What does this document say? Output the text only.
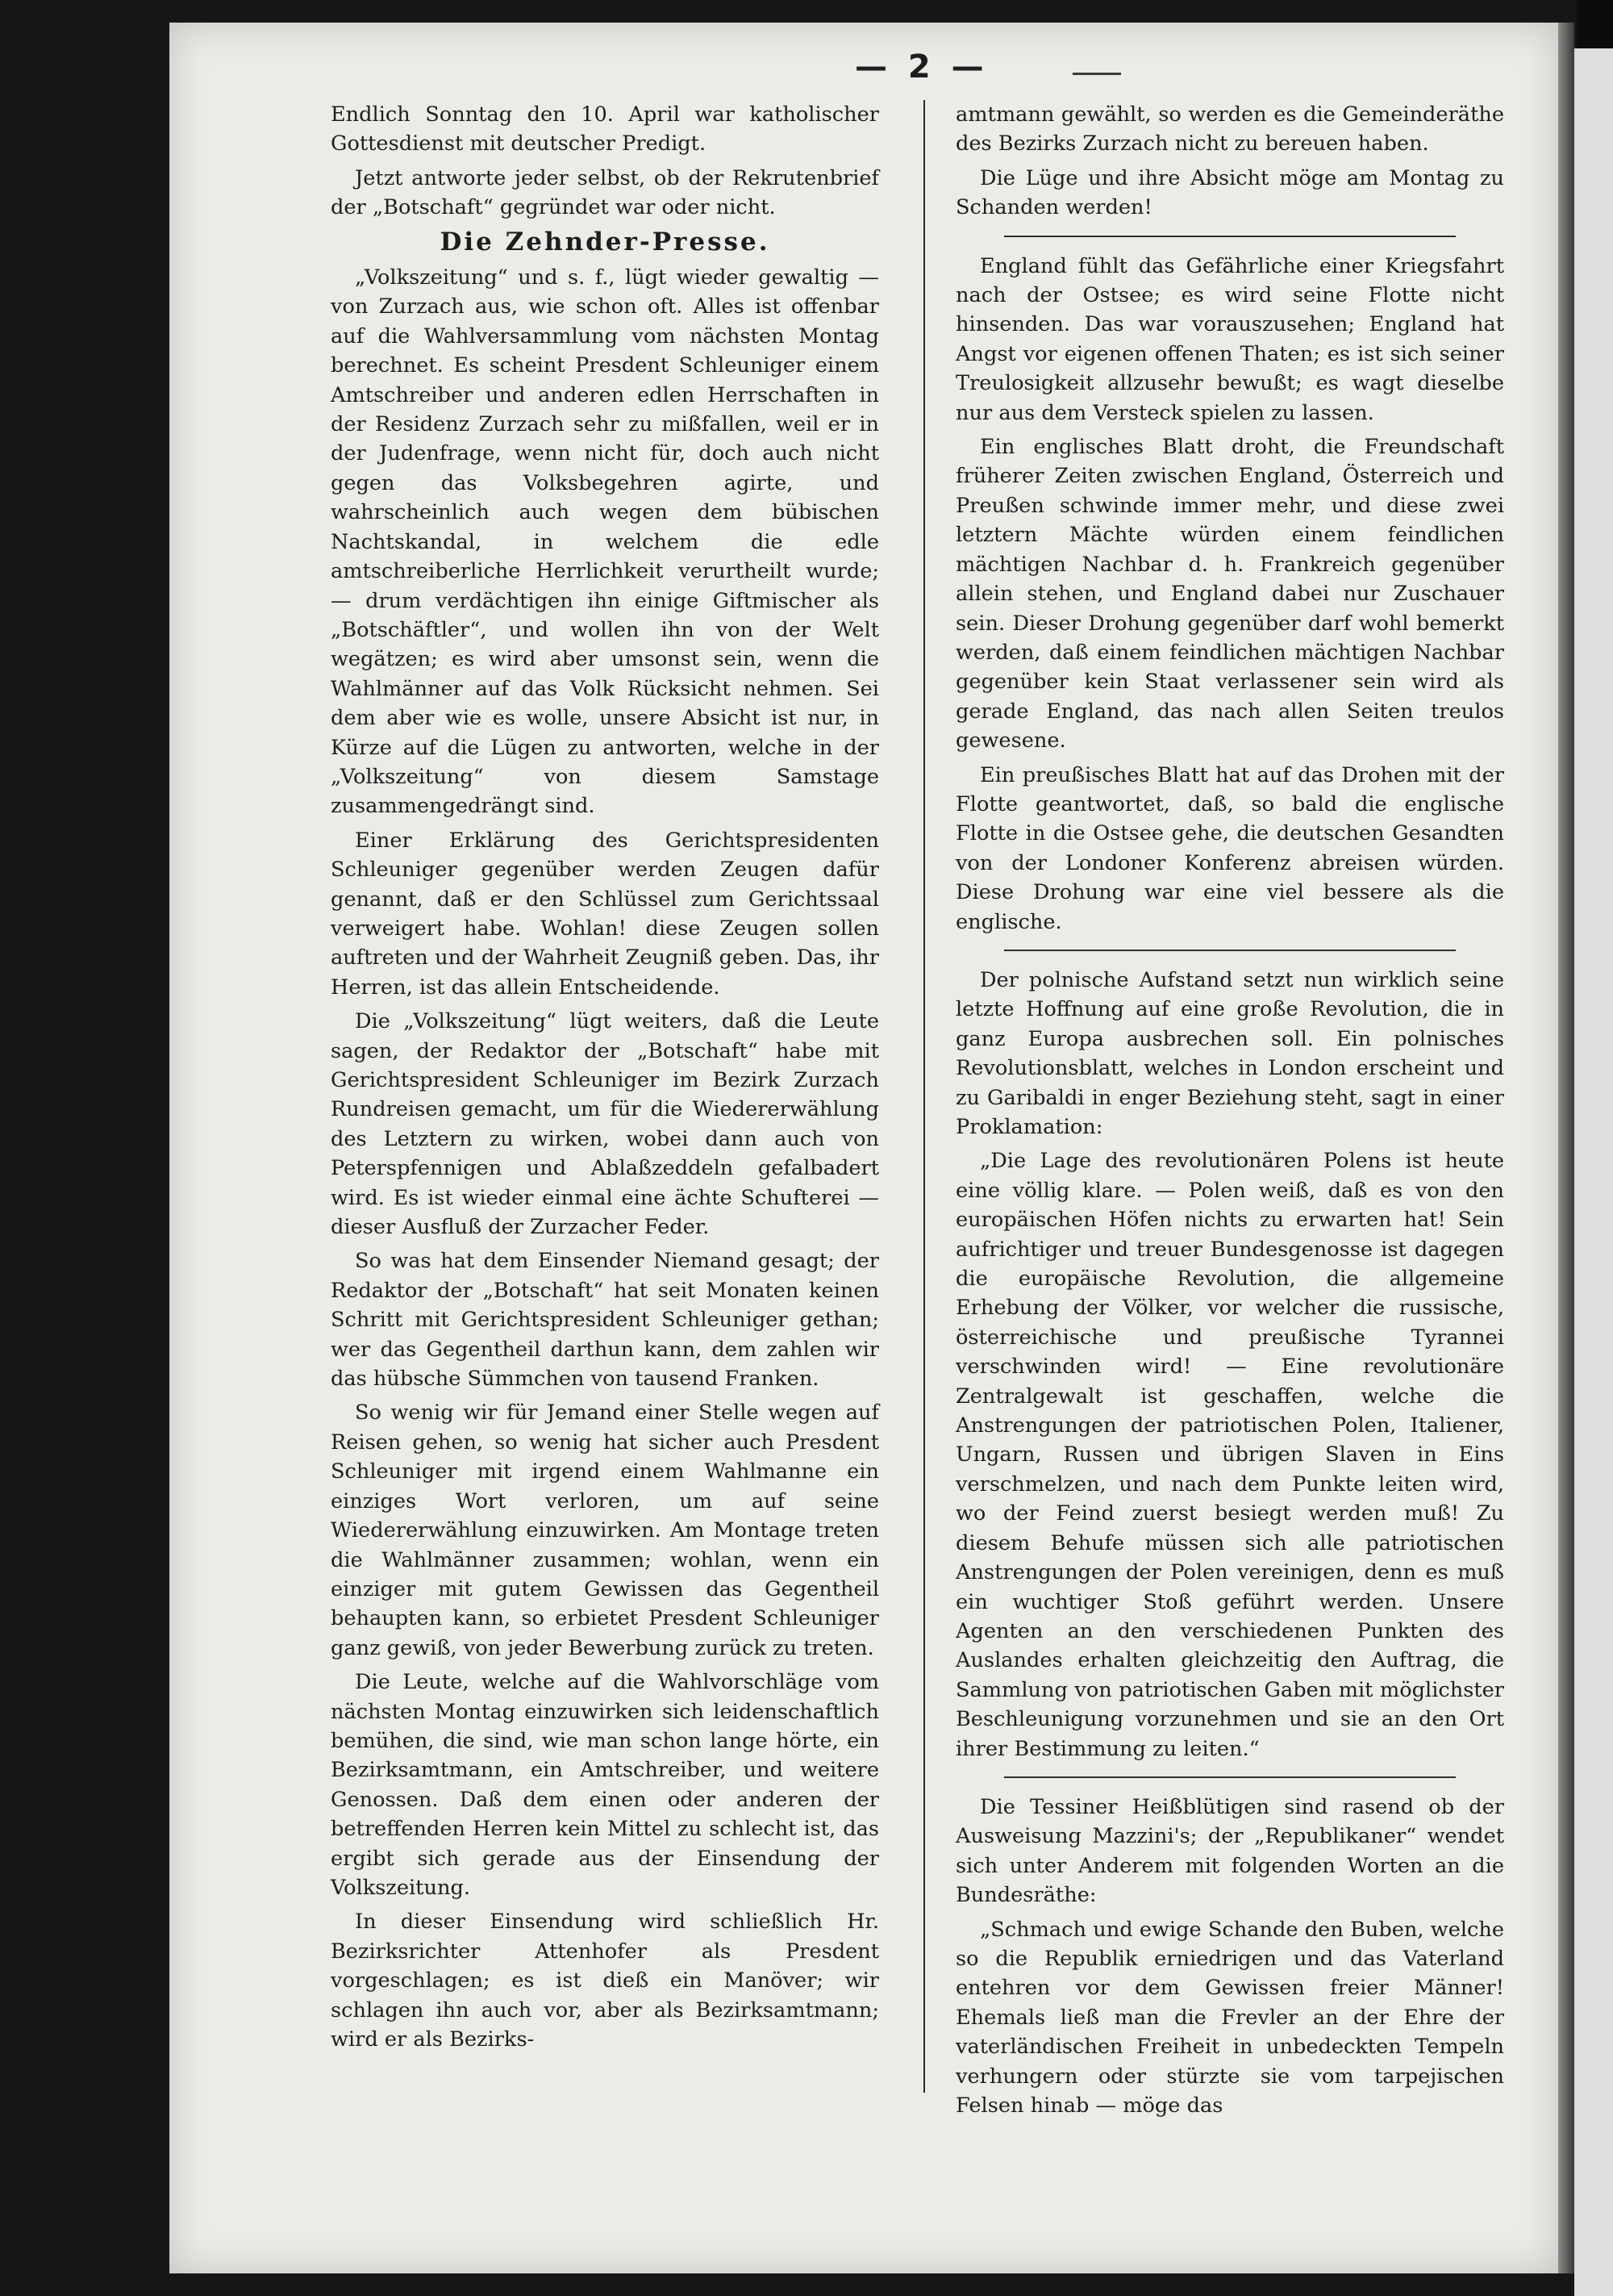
— 2 —

Endlich Sonntag den 10. April war katholischer Gottesdienst mit deutscher Predigt.

Jetzt antworte jeder selbst, ob der Rekrutenbrief der „Botschaft“ gegründet war oder nicht.

Die Zehnder-Presse.

„Volkszeitung“ und s. f., lügt wieder gewaltig — von Zurzach aus, wie schon oft. Alles ist offenbar auf die Wahlversammlung vom nächsten Montag berechnet. Es scheint Presdent Schleuniger einem Amtschreiber und anderen edlen Herrschaften in der Residenz Zurzach sehr zu mißfallen, weil er in der Judenfrage, wenn nicht für, doch auch nicht gegen das Volksbegehren agirte, und wahrscheinlich auch wegen dem bübischen Nachtskandal, in welchem die edle amtschreiberliche Herrlichkeit verurtheilt wurde; — drum verdächtigen ihn einige Giftmischer als „Botschäftler“, und wollen ihn von der Welt wegätzen; es wird aber umsonst sein, wenn die Wahlmänner auf das Volk Rücksicht nehmen. Sei dem aber wie es wolle, unsere Absicht ist nur, in Kürze auf die Lügen zu antworten, welche in der „Volkszeitung“ von diesem Samstage zusammengedrängt sind.

Einer Erklärung des Gerichtspresidenten Schleuniger gegenüber werden Zeugen dafür genannt, daß er den Schlüssel zum Gerichtssaal verweigert habe. Wohlan! diese Zeugen sollen auftreten und der Wahrheit Zeugniß geben. Das, ihr Herren, ist das allein Entscheidende.

Die „Volkszeitung“ lügt weiters, daß die Leute sagen, der Redaktor der „Botschaft“ habe mit Gerichtspresident Schleuniger im Bezirk Zurzach Rundreisen gemacht, um für die Wiedererwählung des Letztern zu wirken, wobei dann auch von Peterspfennigen und Ablaßzeddeln gefalbadert wird. Es ist wieder einmal eine ächte Schufterei — dieser Ausfluß der Zurzacher Feder.

So was hat dem Einsender Niemand gesagt; der Redaktor der „Botschaft“ hat seit Monaten keinen Schritt mit Gerichtspresident Schleuniger gethan; wer das Gegentheil darthun kann, dem zahlen wir das hübsche Sümmchen von tausend Franken.

So wenig wir für Jemand einer Stelle wegen auf Reisen gehen, so wenig hat sicher auch Presdent Schleuniger mit irgend einem Wahlmanne ein einziges Wort verloren, um auf seine Wiedererwählung einzuwirken. Am Montage treten die Wahlmänner zusammen; wohlan, wenn ein einziger mit gutem Gewissen das Gegentheil behaupten kann, so erbietet Presdent Schleuniger ganz gewiß, von jeder Bewerbung zurück zu treten.

Die Leute, welche auf die Wahlvorschläge vom nächsten Montag einzuwirken sich leidenschaftlich bemühen, die sind, wie man schon lange hörte, ein Bezirksamtmann, ein Amtschreiber, und weitere Genossen. Daß dem einen oder anderen der betreffenden Herren kein Mittel zu schlecht ist, das ergibt sich gerade aus der Einsendung der Volkszeitung.

In dieser Einsendung wird schließlich Hr. Bezirksrichter Attenhofer als Presdent vorgeschlagen; es ist dieß ein Manöver; wir schlagen ihn auch vor, aber als Bezirksamtmann; wird er als Bezirks-

amtmann gewählt, so werden es die Gemeinderäthe des Bezirks Zurzach nicht zu bereuen haben.

Die Lüge und ihre Absicht möge am Montag zu Schanden werden!

England fühlt das Gefährliche einer Kriegsfahrt nach der Ostsee; es wird seine Flotte nicht hinsenden. Das war vorauszusehen; England hat Angst vor eigenen offenen Thaten; es ist sich seiner Treulosigkeit allzusehr bewußt; es wagt dieselbe nur aus dem Versteck spielen zu lassen.

Ein englisches Blatt droht, die Freundschaft früherer Zeiten zwischen England, Österreich und Preußen schwinde immer mehr, und diese zwei letztern Mächte würden einem feindlichen mächtigen Nachbar d. h. Frankreich gegenüber allein stehen, und England dabei nur Zuschauer sein. Dieser Drohung gegenüber darf wohl bemerkt werden, daß einem feindlichen mächtigen Nachbar gegenüber kein Staat verlassener sein wird als gerade England, das nach allen Seiten treulos gewesene.

Ein preußisches Blatt hat auf das Drohen mit der Flotte geantwortet, daß, so bald die englische Flotte in die Ostsee gehe, die deutschen Gesandten von der Londoner Konferenz abreisen würden. Diese Drohung war eine viel bessere als die englische.

Der polnische Aufstand setzt nun wirklich seine letzte Hoffnung auf eine große Revolution, die in ganz Europa ausbrechen soll. Ein polnisches Revolutionsblatt, welches in London erscheint und zu Garibaldi in enger Beziehung steht, sagt in einer Proklamation:

„Die Lage des revolutionären Polens ist heute eine völlig klare. — Polen weiß, daß es von den europäischen Höfen nichts zu erwarten hat! Sein aufrichtiger und treuer Bundesgenosse ist dagegen die europäische Revolution, die allgemeine Erhebung der Völker, vor welcher die russische, österreichische und preußische Tyrannei verschwinden wird! — Eine revolutionäre Zentralgewalt ist geschaffen, welche die Anstrengungen der patriotischen Polen, Italiener, Ungarn, Russen und übrigen Slaven in Eins verschmelzen, und nach dem Punkte leiten wird, wo der Feind zuerst besiegt werden muß! Zu diesem Behufe müssen sich alle patriotischen Anstrengungen der Polen vereinigen, denn es muß ein wuchtiger Stoß geführt werden. Unsere Agenten an den verschiedenen Punkten des Auslandes erhalten gleichzeitig den Auftrag, die Sammlung von patriotischen Gaben mit möglichster Beschleunigung vorzunehmen und sie an den Ort ihrer Bestimmung zu leiten.“

Die Tessiner Heißblütigen sind rasend ob der Ausweisung Mazzini's; der „Republikaner“ wendet sich unter Anderem mit folgenden Worten an die Bundesräthe:

„Schmach und ewige Schande den Buben, welche so die Republik erniedrigen und das Vaterland entehren vor dem Gewissen freier Männer! Ehemals ließ man die Frevler an der Ehre der vaterländischen Freiheit in unbedeckten Tempeln verhungern oder stürzte sie vom tarpejischen Felsen hinab — möge das
